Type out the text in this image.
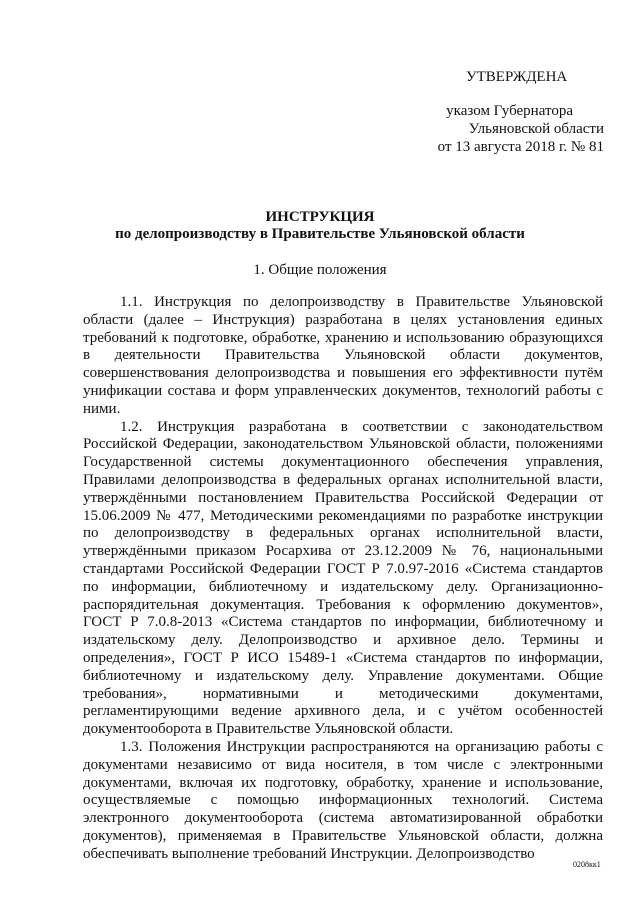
УТВЕРЖДЕНА
указом Губернатора
Ульяновской области
от 13 августа 2018 г. № 81
ИНСТРУКЦИЯ
по делопроизводству в Правительстве Ульяновской области
1. Общие положения

1.1. Инструкция по делопроизводству в Правительстве Ульяновской области (далее – Инструкция) разработана в целях установления единых требований к подготовке, обработке, хранению и использованию образующихся в деятельности Правительства Ульяновской области документов, совершенствования делопроизводства и повышения его эффективности путём унификации состава и форм управленческих документов, технологий работы с ними.

1.2. Инструкция разработана в соответствии с законодательством Российской Федерации, законодательством Ульяновской области, положениями Государственной системы документационного обеспечения управления, Правилами делопроизводства в федеральных органах исполнительной власти, утверждёнными постановлением Правительства Российской Федерации от 15.06.2009 № 477, Методическими рекомендациями по разработке инструкции по делопроизводству в федеральных органах исполнительной власти, утверждёнными приказом Росархива от 23.12.2009 № 76, национальными стандартами Российской Федерации ГОСТ Р 7.0.97-2016 «Система стандартов по информации, библиотечному и издательскому делу. Организационно-распорядительная документация. Требования к оформлению документов», ГОСТ Р 7.0.8-2013 «Система стандартов по информации, библиотечному и издательскому делу. Делопроизводство и архивное дело. Термины и определения», ГОСТ Р ИСО 15489-1 «Система стандартов по информации, библиотечному и издательскому делу. Управление документами. Общие требования», нормативными и методическими документами, регламентирующими ведение архивного дела, и с учётом особенностей документооборота в Правительстве Ульяновской области.

1.3. Положения Инструкции распространяются на организацию работы с документами независимо от вида носителя, в том числе с электронными документами, включая их подготовку, обработку, хранение и использование, осуществляемые с помощью информационных технологий. Система электронного документооборота (система автоматизированной обработки документов), применяемая в Правительстве Ульяновской области, должна обеспечивать выполнение требований Инструкции. Делопроизводство

0208кк1
